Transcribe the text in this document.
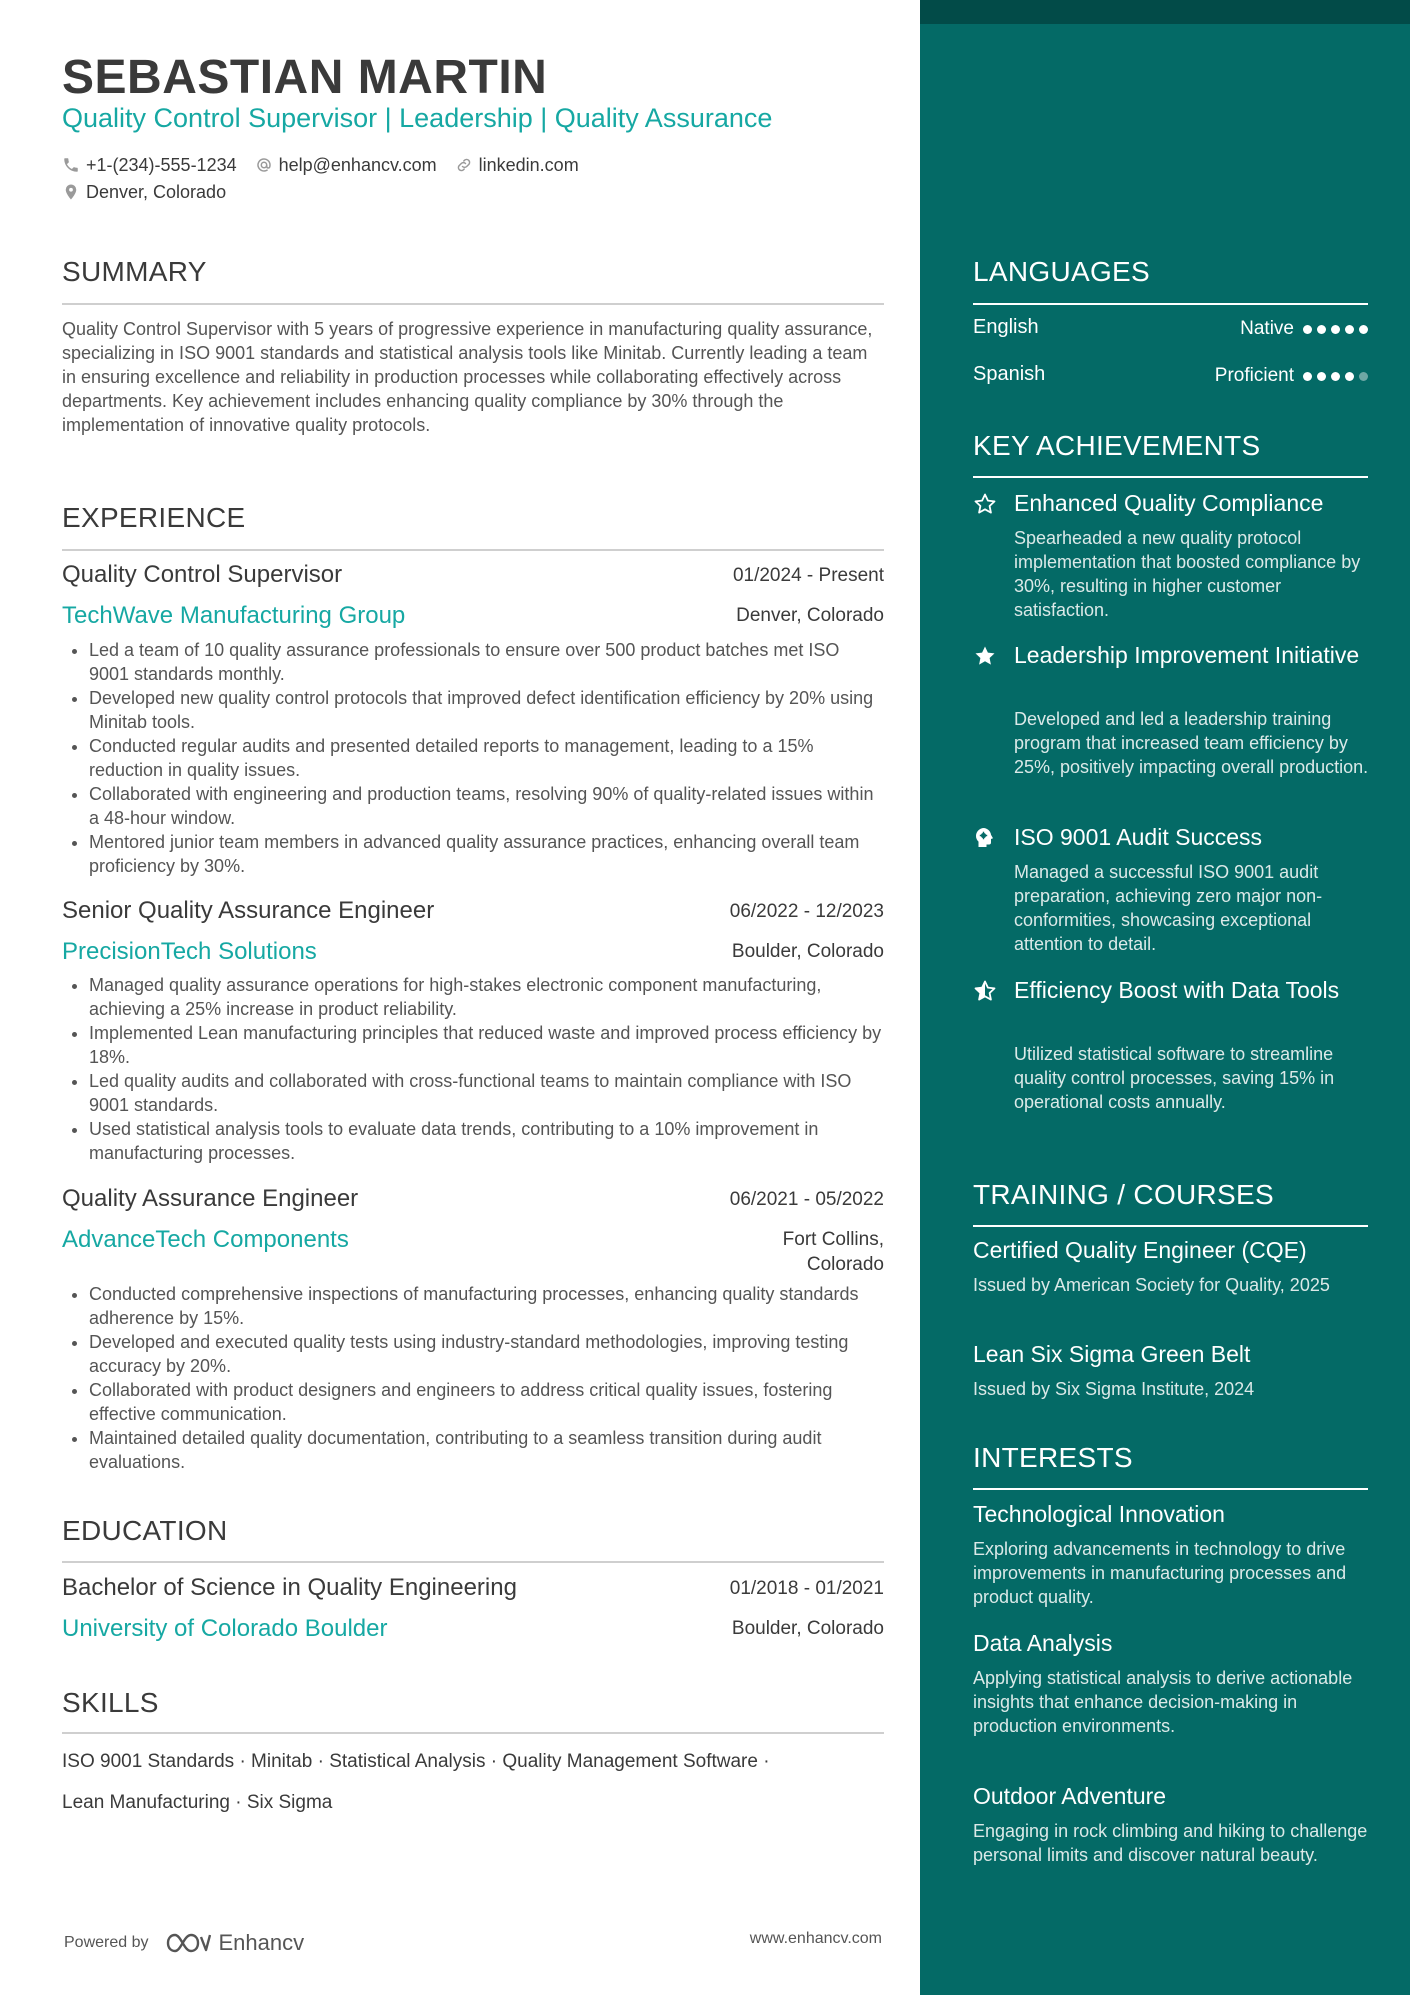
SEBASTIAN MARTIN
Quality Control Supervisor | Leadership | Quality Assurance
+1-(234)-555-1234 help@enhancv.com linkedin.com
Denver, Colorado
SUMMARY
Quality Control Supervisor with 5 years of progressive experience in manufacturing quality assurance, specializing in ISO 9001 standards and statistical analysis tools like Minitab. Currently leading a team in ensuring excellence and reliability in production processes while collaborating effectively across departments. Key achievement includes enhancing quality compliance by 30% through the implementation of innovative quality protocols.
EXPERIENCE
Quality Control Supervisor	01/2024 - Present
TechWave Manufacturing Group	Denver, Colorado
• Led a team of 10 quality assurance professionals to ensure over 500 product batches met ISO 9001 standards monthly.
• Developed new quality control protocols that improved defect identification efficiency by 20% using Minitab tools.
• Conducted regular audits and presented detailed reports to management, leading to a 15% reduction in quality issues.
• Collaborated with engineering and production teams, resolving 90% of quality-related issues within a 48-hour window.
• Mentored junior team members in advanced quality assurance practices, enhancing overall team proficiency by 30%.
Senior Quality Assurance Engineer	06/2022 - 12/2023
PrecisionTech Solutions	Boulder, Colorado
• Managed quality assurance operations for high-stakes electronic component manufacturing, achieving a 25% increase in product reliability.
• Implemented Lean manufacturing principles that reduced waste and improved process efficiency by 18%.
• Led quality audits and collaborated with cross-functional teams to maintain compliance with ISO 9001 standards.
• Used statistical analysis tools to evaluate data trends, contributing to a 10% improvement in manufacturing processes.
Quality Assurance Engineer	06/2021 - 05/2022
AdvanceTech Components	Fort Collins,
Colorado
• Conducted comprehensive inspections of manufacturing processes, enhancing quality standards adherence by 15%.
• Developed and executed quality tests using industry-standard methodologies, improving testing accuracy by 20%.
• Collaborated with product designers and engineers to address critical quality issues, fostering effective communication.
• Maintained detailed quality documentation, contributing to a seamless transition during audit evaluations.
EDUCATION
Bachelor of Science in Quality Engineering	01/2018 - 01/2021
University of Colorado Boulder	Boulder, Colorado
SKILLS
ISO 9001 Standards · Minitab · Statistical Analysis · Quality Management Software ·
Lean Manufacturing · Six Sigma
Powered by	Enhancv	www.enhancv.com
LANGUAGES
English	Native
Spanish	Proficient
KEY ACHIEVEMENTS
Enhanced Quality Compliance
Spearheaded a new quality protocol implementation that boosted compliance by 30%, resulting in higher customer satisfaction.
Leadership Improvement Initiative
Developed and led a leadership training program that increased team efficiency by 25%, positively impacting overall production.
ISO 9001 Audit Success
Managed a successful ISO 9001 audit preparation, achieving zero major non-conformities, showcasing exceptional attention to detail.
Efficiency Boost with Data Tools
Utilized statistical software to streamline quality control processes, saving 15% in operational costs annually.
TRAINING / COURSES
Certified Quality Engineer (CQE)
Issued by American Society for Quality, 2025
Lean Six Sigma Green Belt
Issued by Six Sigma Institute, 2024
INTERESTS
Technological Innovation
Exploring advancements in technology to drive improvements in manufacturing processes and product quality.
Data Analysis
Applying statistical analysis to derive actionable insights that enhance decision-making in production environments.
Outdoor Adventure
Engaging in rock climbing and hiking to challenge personal limits and discover natural beauty.
